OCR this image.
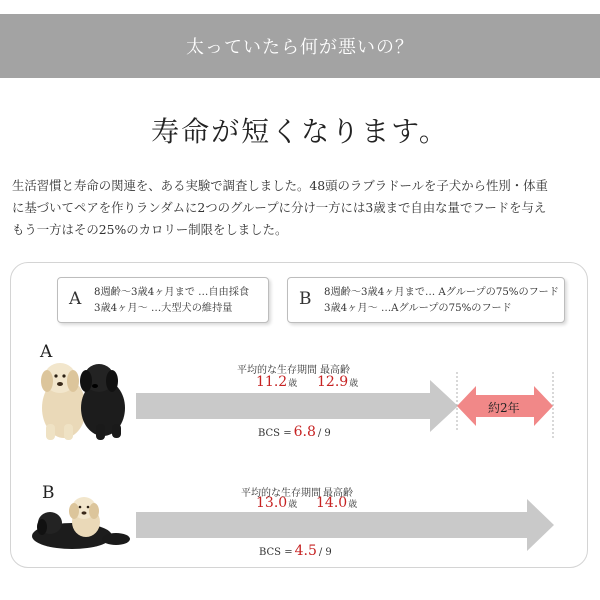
太っていたら何が悪いの？
寿命が短くなります。

生活習慣と寿命の関連を、ある実験で調査しました。48頭のラブラドールを子犬から性別・体重

に基づいてペアを作りランダムに2つのグループに分け一方には3歳まで自由な量でフードを与え

もう一方はその25%のカロリー制限をしました。

A 8週齢〜3歳4ヶ月まで …自由採食
3歳4ヶ月〜 …大型犬の維持量	B 8週齢〜3歳4ヶ月まで… Aグループの75%のフード
3歳4ヶ月〜 …Aグループの75%のフード
A
平均的な生存期間 最高齢
11.2歳 12.9歳
BCS = 6.8 / 9
約2年
B	平均的な生存期間 最高齢
13.0歳 14.0歳
BCS = 4.5 / 9
